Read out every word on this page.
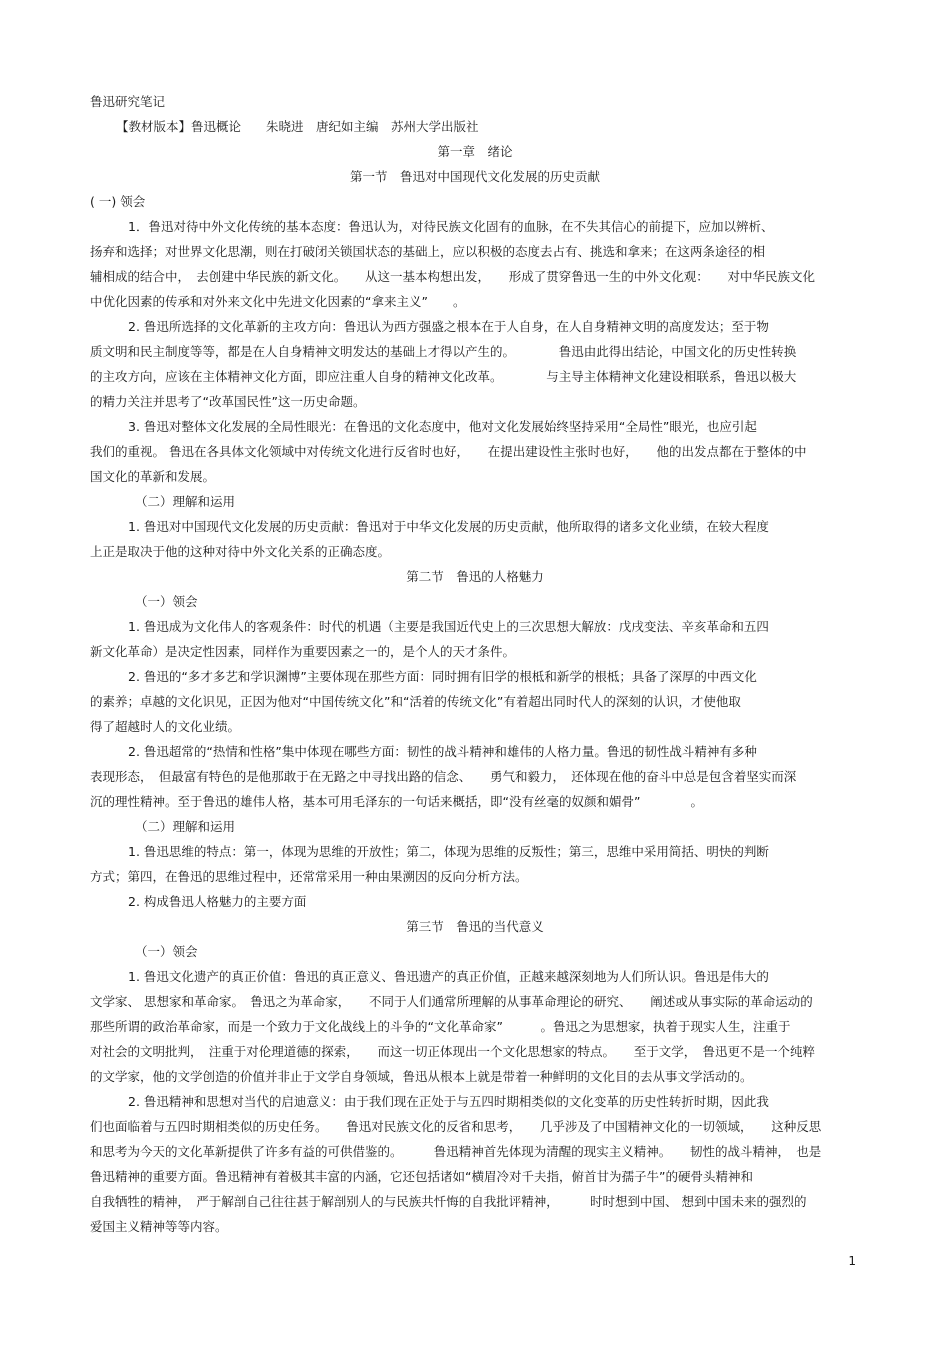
鲁迅研究笔记
【教材版本】鲁迅概论　　朱晓进　唐纪如主编　苏州大学出版社
第一章　绪论
第一节　鲁迅对中国现代文化发展的历史贡献
( 一) 领会
1．鲁迅对待中外文化传统的基本态度：鲁迅认为，对待民族文化固有的血脉，在不失其信心的前提下，应加以辨析、
扬弃和选择；对世界文化思潮，则在打破闭关锁国状态的基础上，应以积极的态度去占有、挑选和拿来；在这两条途径的相
辅相成的结合中，　去创建中华民族的新文化。　　从这一基本构想出发，　　形成了贯穿鲁迅一生的中外文化观：　　对中华民族文化
中优化因素的传承和对外来文化中先进文化因素的“拿来主义”　　。
2. 鲁迅所选择的文化革新的主攻方向：鲁迅认为西方强盛之根本在于人自身，在人自身精神文明的高度发达；至于物
质文明和民主制度等等，都是在人自身精神文明发达的基础上才得以产生的。　　　　鲁迅由此得出结论，中国文化的历史性转换
的主攻方向，应该在主体精神文化方面，即应注重人自身的精神文化改革。　　　　与主导主体精神文化建设相联系，鲁迅以极大
的精力关注并思考了“改革国民性”这一历史命题。
3. 鲁迅对整体文化发展的全局性眼光：在鲁迅的文化态度中，他对文化发展始终坚持采用“全局性”眼光，也应引起
我们的重视。 鲁迅在各具体文化领域中对传统文化进行反省时也好，　　在提出建设性主张时也好，　　他的出发点都在于整体的中
国文化的革新和发展。
（二）理解和运用
1. 鲁迅对中国现代文化发展的历史贡献：鲁迅对于中华文化发展的历史贡献，他所取得的诸多文化业绩，在较大程度
上正是取决于他的这种对待中外文化关系的正确态度。
第二节　鲁迅的人格魅力
（一）领会
1. 鲁迅成为文化伟人的客观条件：时代的机遇（主要是我国近代史上的三次思想大解放：戊戌变法、辛亥革命和五四
新文化革命）是决定性因素，同样作为重要因素之一的，是个人的天才条件。
2. 鲁迅的“多才多艺和学识渊博”主要体现在那些方面：同时拥有旧学的根柢和新学的根柢；具备了深厚的中西文化
的素养；卓越的文化识见，正因为他对“中国传统文化”和“活着的传统文化”有着超出同时代人的深刻的认识，才使他取
得了超越时人的文化业绩。
2. 鲁迅超常的“热情和性格”集中体现在哪些方面：韧性的战斗精神和雄伟的人格力量。鲁迅的韧性战斗精神有多种
表现形态，　但最富有特色的是他那敢于在无路之中寻找出路的信念、　　勇气和毅力，　还体现在他的奋斗中总是包含着坚实而深
沉的理性精神。至于鲁迅的雄伟人格，基本可用毛泽东的一句话来概括，即“没有丝毫的奴颜和媚骨”　　　　。
（二）理解和运用
1. 鲁迅思维的特点：第一，体现为思维的开放性；第二，体现为思维的反叛性；第三，思维中采用简括、明快的判断
方式；第四，在鲁迅的思维过程中，还常常采用一种由果溯因的反向分析方法。
2. 构成鲁迅人格魅力的主要方面
第三节　鲁迅的当代意义
（一）领会
1. 鲁迅文化遗产的真正价值：鲁迅的真正意义、鲁迅遗产的真正价值，正越来越深刻地为人们所认识。鲁迅是伟大的
文学家、 思想家和革命家。　鲁迅之为革命家，　　不同于人们通常所理解的从事革命理论的研究、　　阐述或从事实际的革命运动的
那些所谓的政治革命家，而是一个致力于文化战线上的斗争的“文化革命家”　　　。鲁迅之为思想家，执着于现实人生，注重于
对社会的文明批判，　注重于对伦理道德的探索，　　而这一切正体现出一个文化思想家的特点。　　至于文学，　鲁迅更不是一个纯粹
的文学家，他的文学创造的价值并非止于文学自身领域，鲁迅从根本上就是带着一种鲜明的文化目的去从事文学活动的。
2. 鲁迅精神和思想对当代的启迪意义：由于我们现在正处于与五四时期相类似的文化变革的历史性转折时期，因此我
们也面临着与五四时期相类似的历史任务。　　鲁迅对民族文化的反省和思考，　　几乎涉及了中国精神文化的一切领域，　　这种反思
和思考为今天的文化革新提供了许多有益的可供借鉴的。　　　鲁迅精神首先体现为清醒的现实主义精神。　　韧性的战斗精神，　也是
鲁迅精神的重要方面。鲁迅精神有着极其丰富的内涵，它还包括诸如“横眉冷对千夫指，俯首甘为孺子牛”的硬骨头精神和
自我牺牲的精神，　严于解剖自己往往甚于解剖别人的与民族共忏悔的自我批评精神，　　　时时想到中国、 想到中国未来的强烈的
爱国主义精神等等内容。
1
